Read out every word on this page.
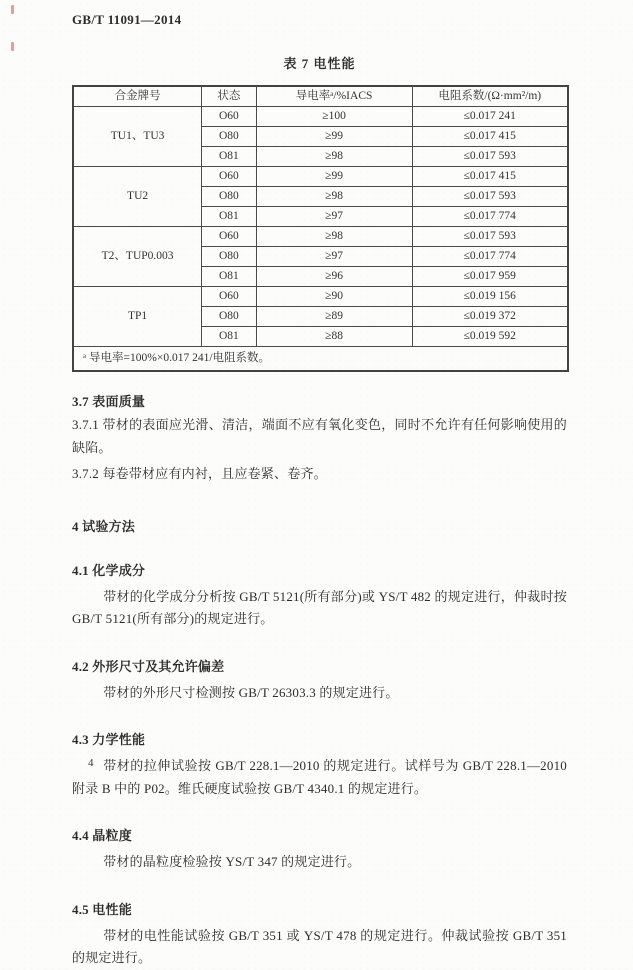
GB/T 11091—2014
表 7 电性能
合金牌号	状态	导电率ᵃ/%IACS	电阻系数/(Ω·mm²/m)
TU1、TU3	O60	≥100	≤0.017 241
	O80	≥99	≤0.017 415
	O81	≥98	≤0.017 593
TU2	O60	≥99	≤0.017 415
	O80	≥98	≤0.017 593
	O81	≥97	≤0.017 774
T2、TUP0.003	O60	≥98	≤0.017 593
	O80	≥97	≤0.017 774
	O81	≥96	≤0.017 959
TP1	O60	≥90	≤0.019 156
	O80	≥89	≤0.019 372
	O81	≥88	≤0.019 592
ᵃ 导电率=100%×0.017 241/电阻系数。			
3.7 表面质量
3.7.1 带材的表面应光滑、清洁，端面不应有氧化变色，同时不允许有任何影响使用的缺陷。
3.7.2 每卷带材应有内衬，且应卷紧、卷齐。
4 试验方法
4.1 化学成分
带材的化学成分分析按 GB/T 5121(所有部分)或 YS/T 482 的规定进行，仲裁时按 GB/T 5121(所有部分)的规定进行。
4.2 外形尺寸及其允许偏差
带材的外形尺寸检测按 GB/T 26303.3 的规定进行。
4.3 力学性能
带材的拉伸试验按 GB/T 228.1—2010 的规定进行。试样号为 GB/T 228.1—2010 附录 B 中的 P02。维氏硬度试验按 GB/T 4340.1 的规定进行。
4.4 晶粒度
带材的晶粒度检验按 YS/T 347 的规定进行。
4.5 电性能
带材的电性能试验按 GB/T 351 或 YS/T 478 的规定进行。仲裁试验按 GB/T 351 的规定进行。
4
